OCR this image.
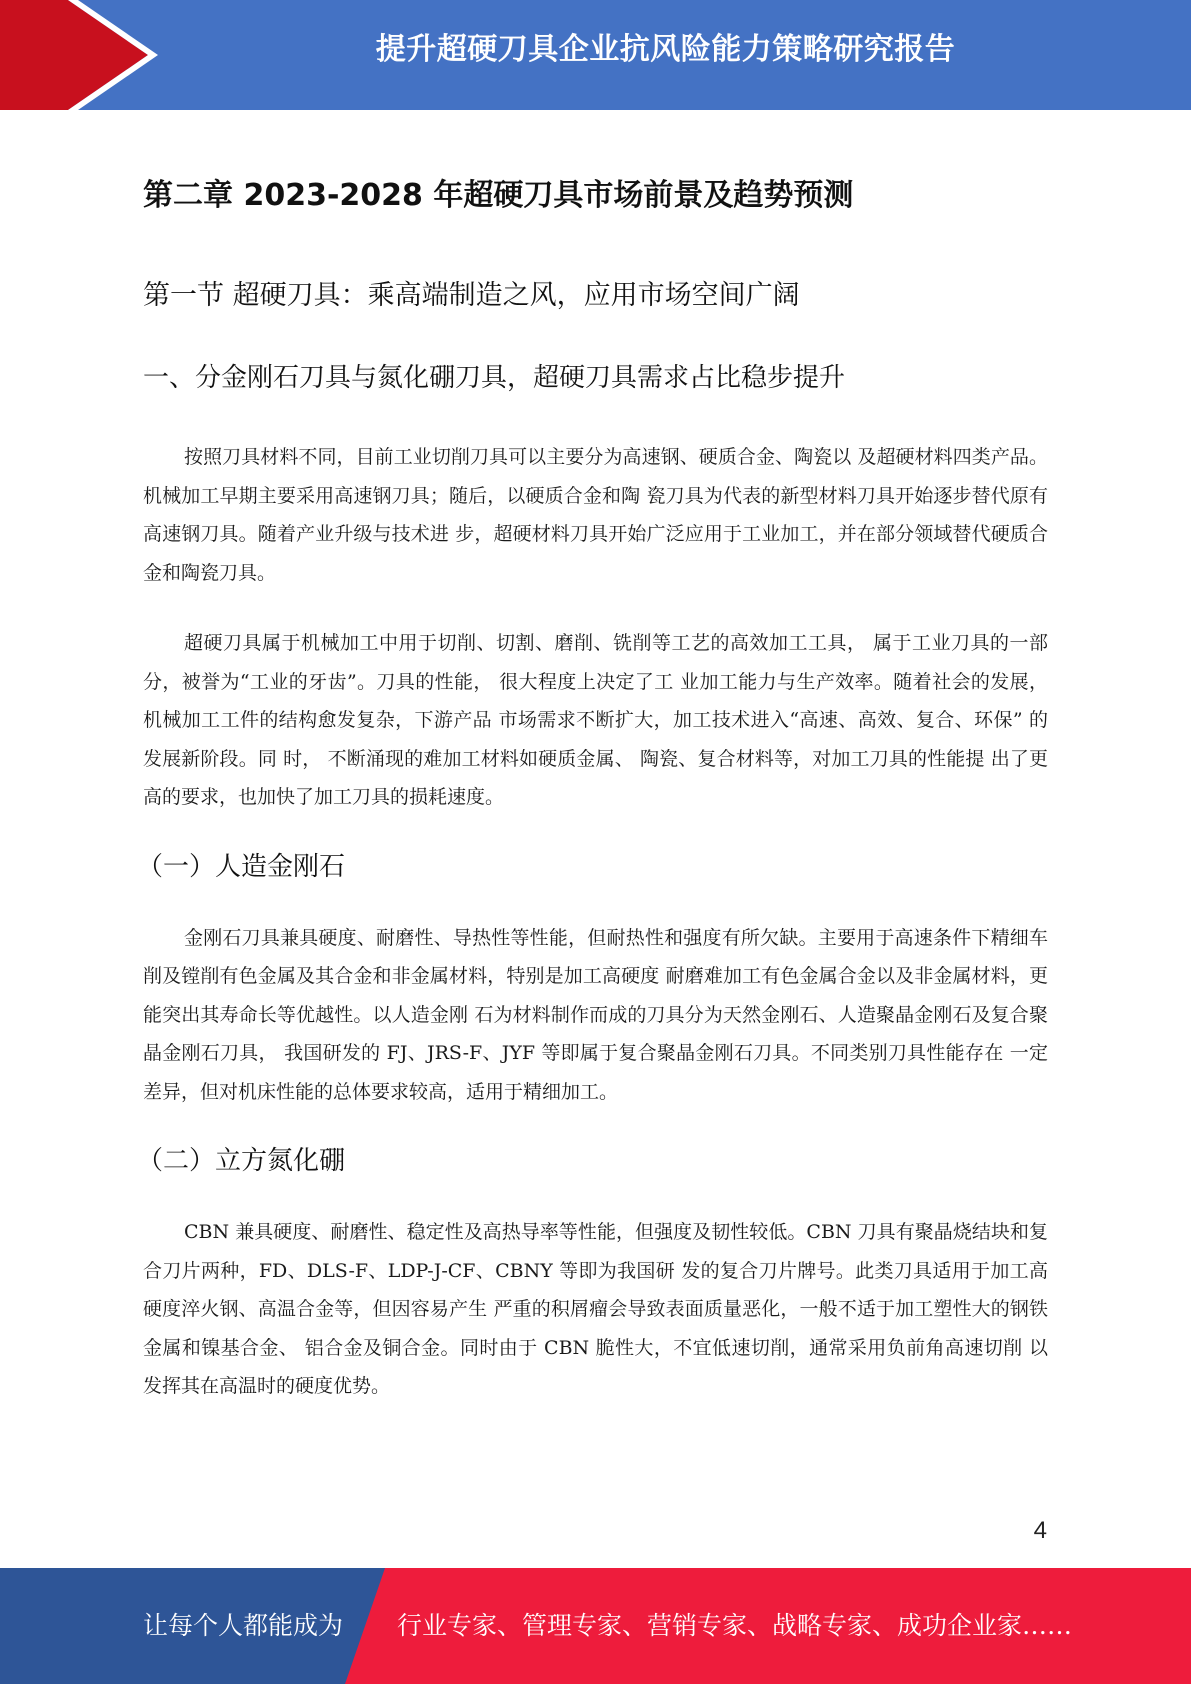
提升超硬刀具企业抗风险能力策略研究报告
第二章 2023-2028 年超硬刀具市场前景及趋势预测
第一节 超硬刀具：乘高端制造之风，应用市场空间广阔
一、分金刚石刀具与氮化硼刀具，超硬刀具需求占比稳步提升

按照刀具材料不同，目前工业切削刀具可以主要分为高速钢、硬质合金、陶瓷以 及超硬材料四类产品。 机械加工早期主要采用高速钢刀具；随后，以硬质合金和陶 瓷刀具为代表的新型材料刀具开始逐步替代原有高速钢刀具。随着产业升级与技术进 步，超硬材料刀具开始广泛应用于工业加工，并在部分领域替代硬质合金和陶瓷刀具。

超硬刀具属于机械加工中用于切削、切割、磨削、铣削等工艺的高效加工工具， 属于工业刀具的一部分，被誉为“工业的牙齿”。刀具的性能， 很大程度上决定了工 业加工能力与生产效率。随着社会的发展，机械加工工件的结构愈发复杂，下游产品 市场需求不断扩大，加工技术进入“高速、高效、复合、环保” 的发展新阶段。同 时， 不断涌现的难加工材料如硬质金属、 陶瓷、复合材料等，对加工刀具的性能提 出了更高的要求，也加快了加工刀具的损耗速度。

（一）人造金刚石

金刚石刀具兼具硬度、耐磨性、导热性等性能，但耐热性和强度有所欠缺。主要用于高速条件下精细车削及镗削有色金属及其合金和非金属材料，特别是加工高硬度 耐磨难加工有色金属合金以及非金属材料，更能突出其寿命长等优越性。以人造金刚 石为材料制作而成的刀具分为天然金刚石、人造聚晶金刚石及复合聚晶金刚石刀具， 我国研发的 FJ、JRS-F、JYF 等即属于复合聚晶金刚石刀具。不同类别刀具性能存在 一定差异，但对机床性能的总体要求较高，适用于精细加工。

（二）立方氮化硼

CBN 兼具硬度、耐磨性、稳定性及高热导率等性能，但强度及韧性较低。CBN 刀具有聚晶烧结块和复合刀片两种，FD、DLS-F、LDP-J-CF、CBNY 等即为我国研 发的复合刀片牌号。此类刀具适用于加工高硬度淬火钢、高温合金等，但因容易产生 严重的积屑瘤会导致表面质量恶化，一般不适于加工塑性大的钢铁金属和镍基合金、 铝合金及铜合金。同时由于 CBN 脆性大，不宜低速切削，通常采用负前角高速切削 以发挥其在高温时的硬度优势。

4
让每个人都能成为 行业专家、管理专家、营销专家、战略专家、成功企业家……
